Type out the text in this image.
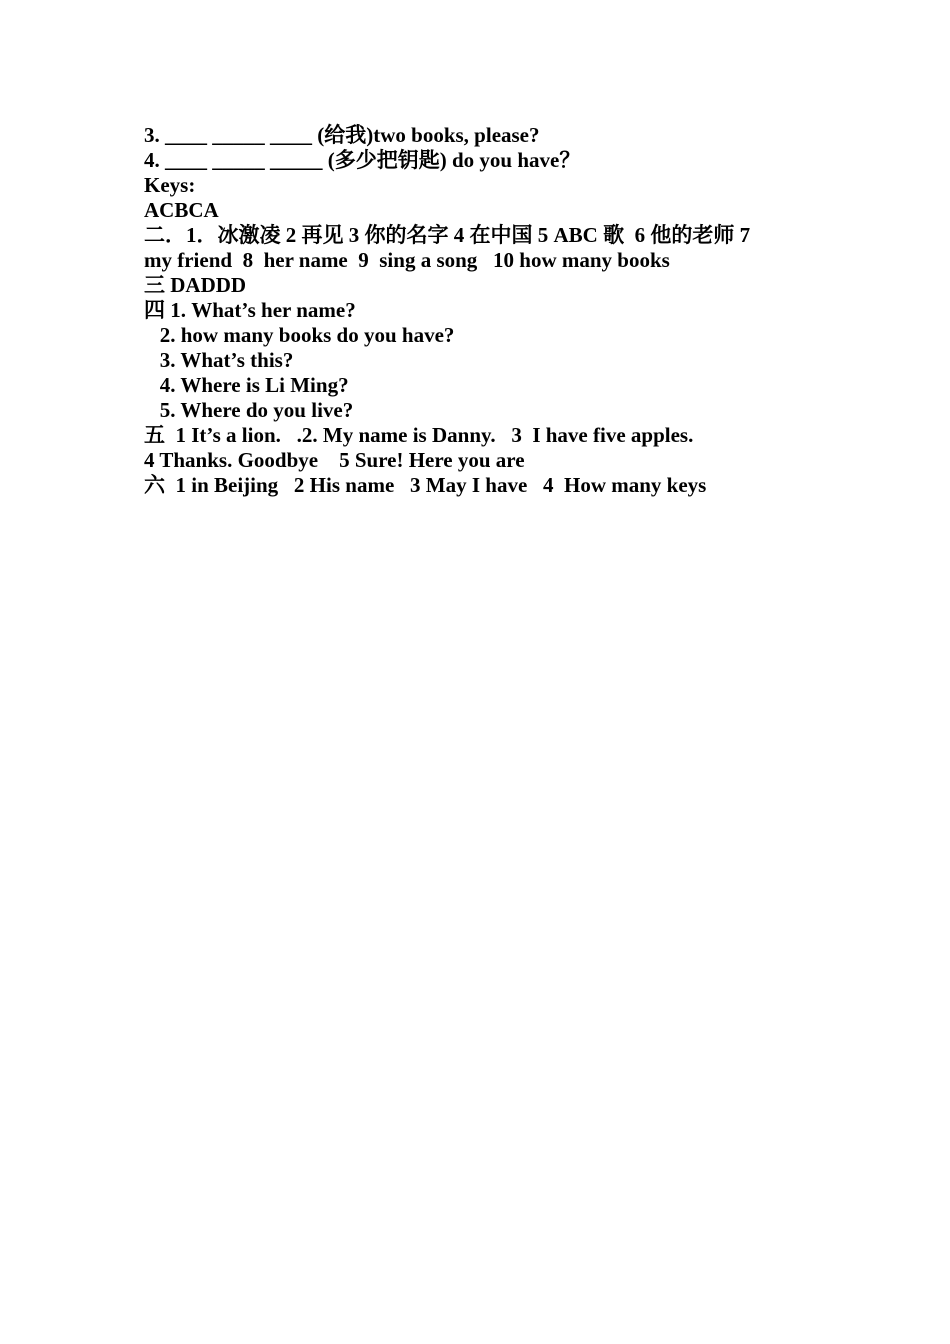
3. ____ _____ ____ (给我)two books, please?
4. ____ _____ _____ (多少把钥匙) do you have？
Keys:
ACBCA
二．1．冰激凌 2 再见 3 你的名字 4 在中国 5 ABC 歌  6 他的老师 7
my friend  8  her name  9  sing a song   10 how many books
三 DADDD
四 1. What’s her name?
2. how many books do you have?
3. What’s this?
4. Where is Li Ming?
5. Where do you live?
五  1 It’s a lion.   .2. My name is Danny.   3  I have five apples.
4 Thanks. Goodbye    5 Sure! Here you are
六  1 in Beijing   2 His name   3 May I have   4  How many keys
